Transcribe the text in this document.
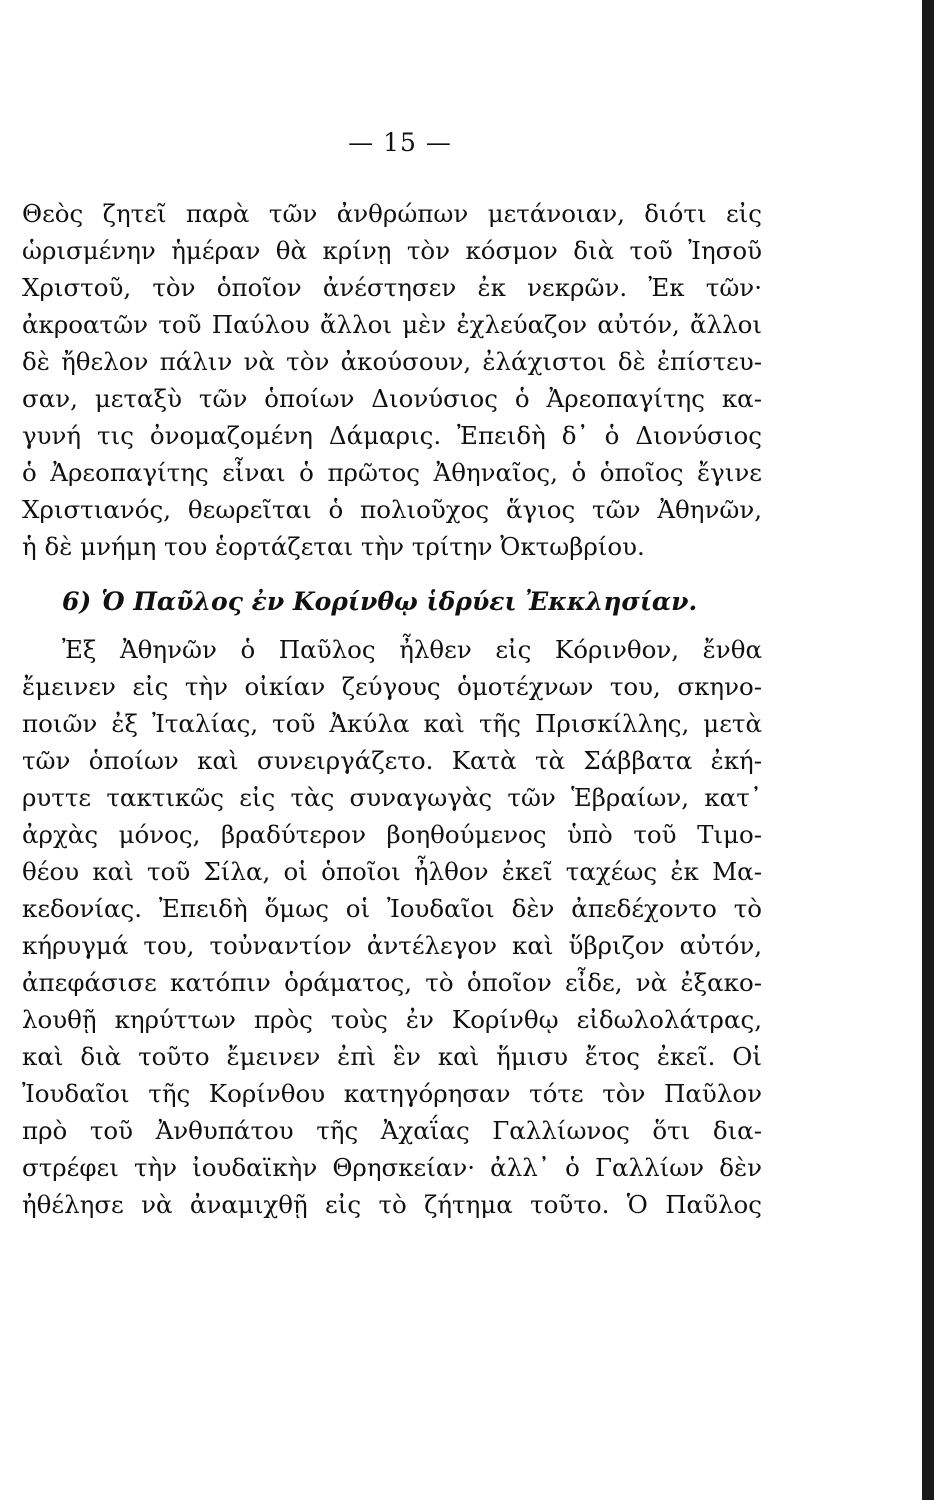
— 15 —
Θεὸς ζητεῖ παρὰ τῶν ἀνθρώπων μετάνοιαν, διότι εἰς
ὡρισμένην ἡμέραν θὰ κρίνῃ τὸν κόσμον διὰ τοῦ Ἰησοῦ
Χριστοῦ, τὸν ὁποῖον ἀνέστησεν ἐκ νεκρῶν. Ἐκ τῶν·
ἀκροατῶν τοῦ Παύλου ἄλλοι μὲν ἐχλεύαζον αὐτόν, ἄλλοι
δὲ ἤθελον πάλιν νὰ τὸν ἀκούσουν, ἐλάχιστοι δὲ ἐπίστευ-
σαν, μεταξὺ τῶν ὁποίων Διονύσιος ὁ Ἀρεοπαγίτης κα-
γυνή τις ὀνομαζομένη Δάμαρις. Ἐπειδὴ δ᾽ ὁ Διονύσιος
ὁ Ἀρεοπαγίτης εἶναι ὁ πρῶτος Ἀθηναῖος, ὁ ὁποῖος ἔγινε
Χριστιανός, θεωρεῖται ὁ πολιοῦχος ἅγιος τῶν Ἀθηνῶν,
ἡ δὲ μνήμη του ἑορτάζεται τὴν τρίτην Ὀκτωβρίου.
6) Ὁ Παῦλος ἐν Κορίνθῳ ἱδρύει Ἐκκλησίαν.
Ἐξ Ἀθηνῶν ὁ Παῦλος ἦλθεν εἰς Κόρινθον, ἔνθα
ἔμεινεν εἰς τὴν οἰκίαν ζεύγους ὁμοτέχνων του, σκηνο-
ποιῶν ἐξ Ἰταλίας, τοῦ Ἀκύλα καὶ τῆς Πρισκίλλης, μετὰ
τῶν ὁποίων καὶ συνειργάζετο. Κατὰ τὰ Σάββατα ἐκή-
ρυττε τακτικῶς εἰς τὰς συναγωγὰς τῶν Ἑβραίων, κατ᾽
ἀρχὰς μόνος, βραδύτερον βοηθούμενος ὑπὸ τοῦ Τιμο-
θέου καὶ τοῦ Σίλα, οἱ ὁποῖοι ἦλθον ἐκεῖ ταχέως ἐκ Μα-
κεδονίας. Ἐπειδὴ ὅμως οἱ Ἰουδαῖοι δὲν ἀπεδέχοντο τὸ
κήρυγμά του, τοὐναντίον ἀντέλεγον καὶ ὕβριζον αὐτόν,
ἀπεφάσισε κατόπιν ὁράματος, τὸ ὁποῖον εἶδε, νὰ ἐξακο-
λουθῇ κηρύττων πρὸς τοὺς ἐν Κορίνθῳ εἰδωλολάτρας,
καὶ διὰ τοῦτο ἔμεινεν ἐπὶ ἓν καὶ ἥμισυ ἔτος ἐκεῖ. Οἱ
Ἰουδαῖοι τῆς Κορίνθου κατηγόρησαν τότε τὸν Παῦλον
πρὸ τοῦ Ἀνθυπάτου τῆς Ἀχαΐας Γαλλίωνος ὅτι δια-
στρέφει τὴν ἰουδαϊκὴν Θρησκείαν· ἀλλ᾽ ὁ Γαλλίων δὲν
ἠθέλησε νὰ ἀναμιχθῇ εἰς τὸ ζήτημα τοῦτο. Ὁ Παῦλος
